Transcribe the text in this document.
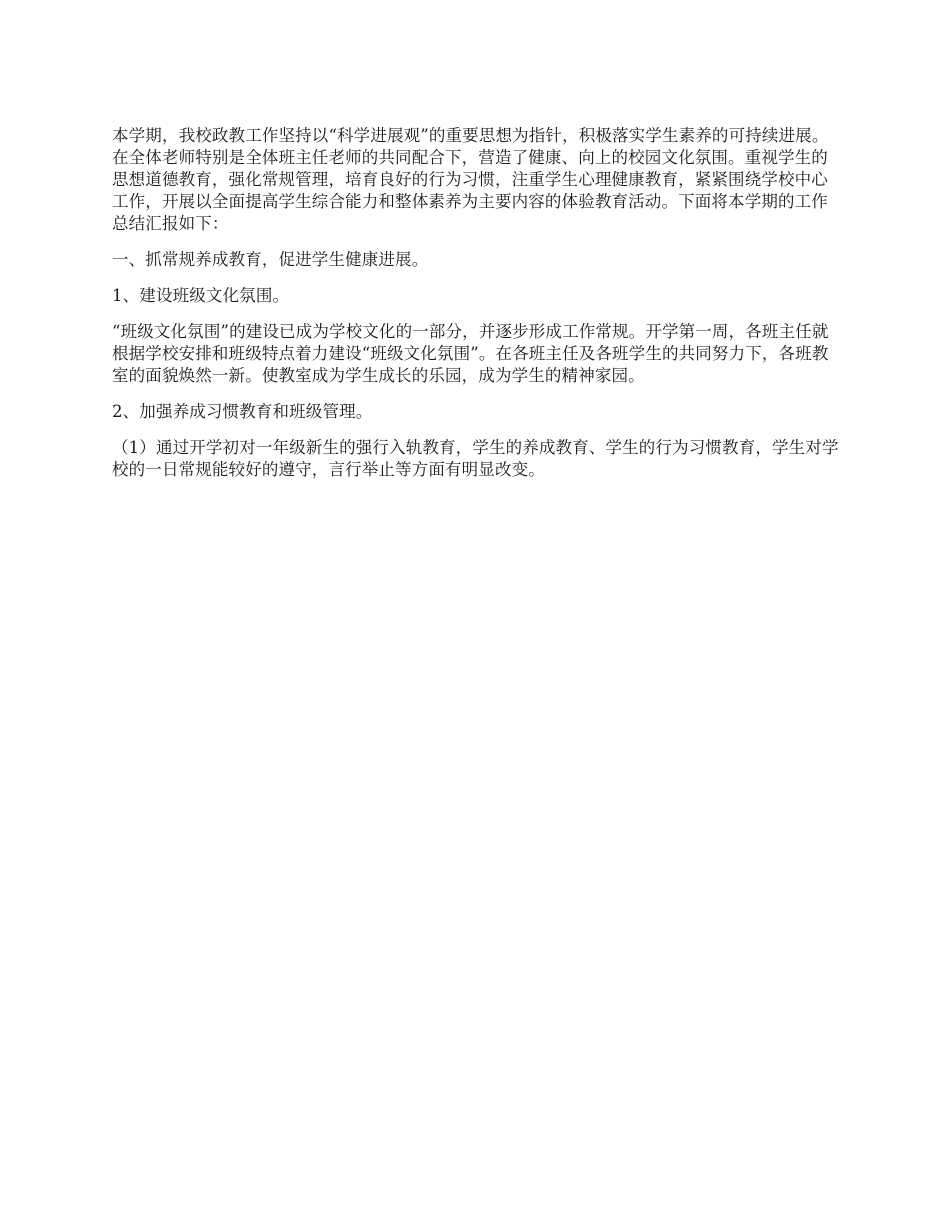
本学期，我校政教工作坚持以“科学进展观”的重要思想为指针，积极落实学生素养的可持续进展。在全体老师特别是全体班主任老师的共同配合下，营造了健康、向上的校园文化氛围。重视学生的思想道德教育，强化常规管理，培育良好的行为习惯，注重学生心理健康教育，紧紧围绕学校中心工作，开展以全面提高学生综合能力和整体素养为主要内容的体验教育活动。下面将本学期的工作总结汇报如下：

一、抓常规养成教育，促进学生健康进展。

1、建设班级文化氛围。

“班级文化氛围”的建设已成为学校文化的一部分，并逐步形成工作常规。开学第一周，各班主任就根据学校安排和班级特点着力建设“班级文化氛围”。在各班主任及各班学生的共同努力下，各班教室的面貌焕然一新。使教室成为学生成长的乐园，成为学生的精神家园。

2、加强养成习惯教育和班级管理。

（1）通过开学初对一年级新生的强行入轨教育，学生的养成教育、学生的行为习惯教育，学生对学校的一日常规能较好的遵守，言行举止等方面有明显改变。
